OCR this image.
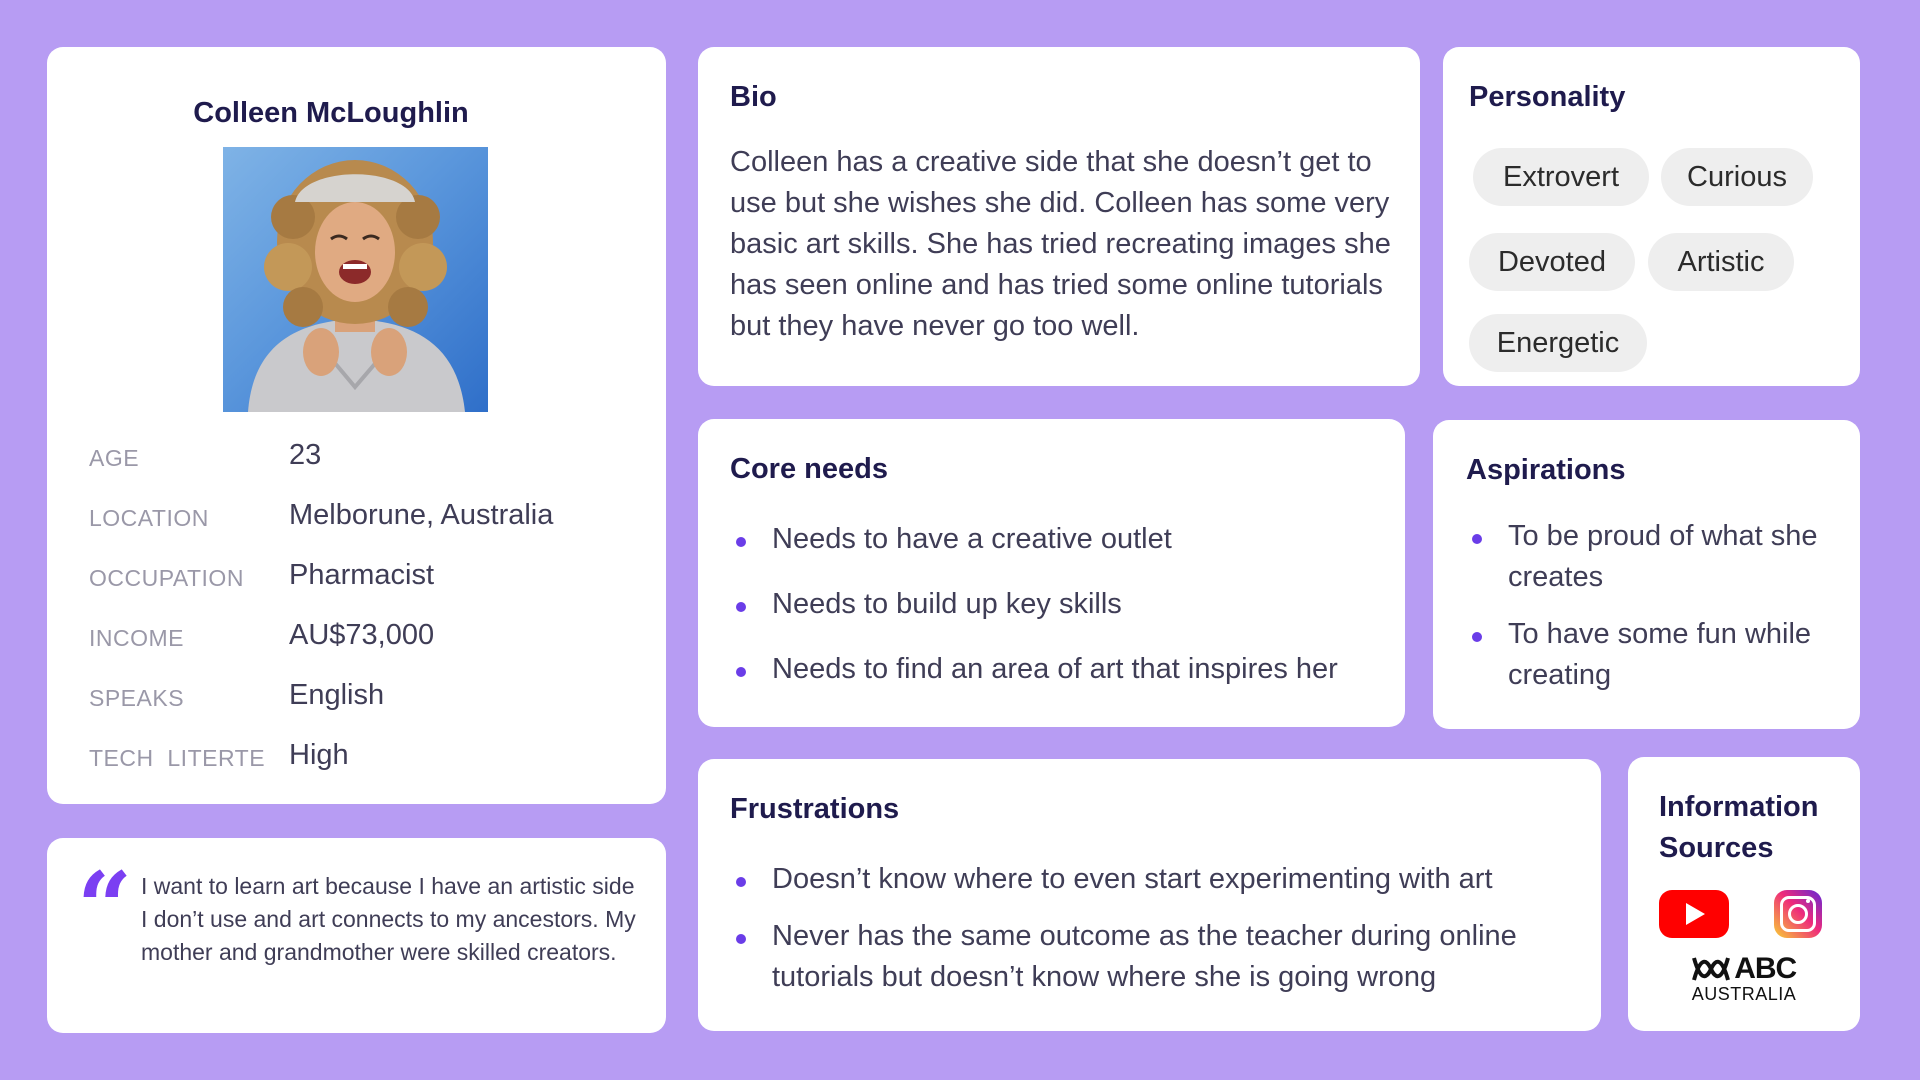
Colleen McLoughlin
AGE	23
LOCATION	Melborune, Australia
OCCUPATION Pharmacist
INCOME	AU$73,000
SPEAKS	English
TECH  LITERTE High
“ I want to learn art because I have an artistic side I don’t use and art connects to my ancestors. My mother and grandmother were skilled creators.

Bio

Colleen has a creative side that she doesn’t get to use but she wishes she did. Colleen has some very basic art skills. She has tried recreating images she has seen online and has tried some online tutorials but they have never go too well.

Personality
Extrovert	Curious
Devoted	Artistic
Energetic
Core needs
Needs to have a creative outlet
Needs to build up key skills
Needs to find an area of art that inspires her
Aspirations
To be proud of what she creates
To have some fun while creating
Frustrations
Doesn’t know where to even start experimenting with art
Never has the same outcome as the teacher during online tutorials but doesn’t know where she is going wrong
Information Sources
ABC
AUSTRALIA
